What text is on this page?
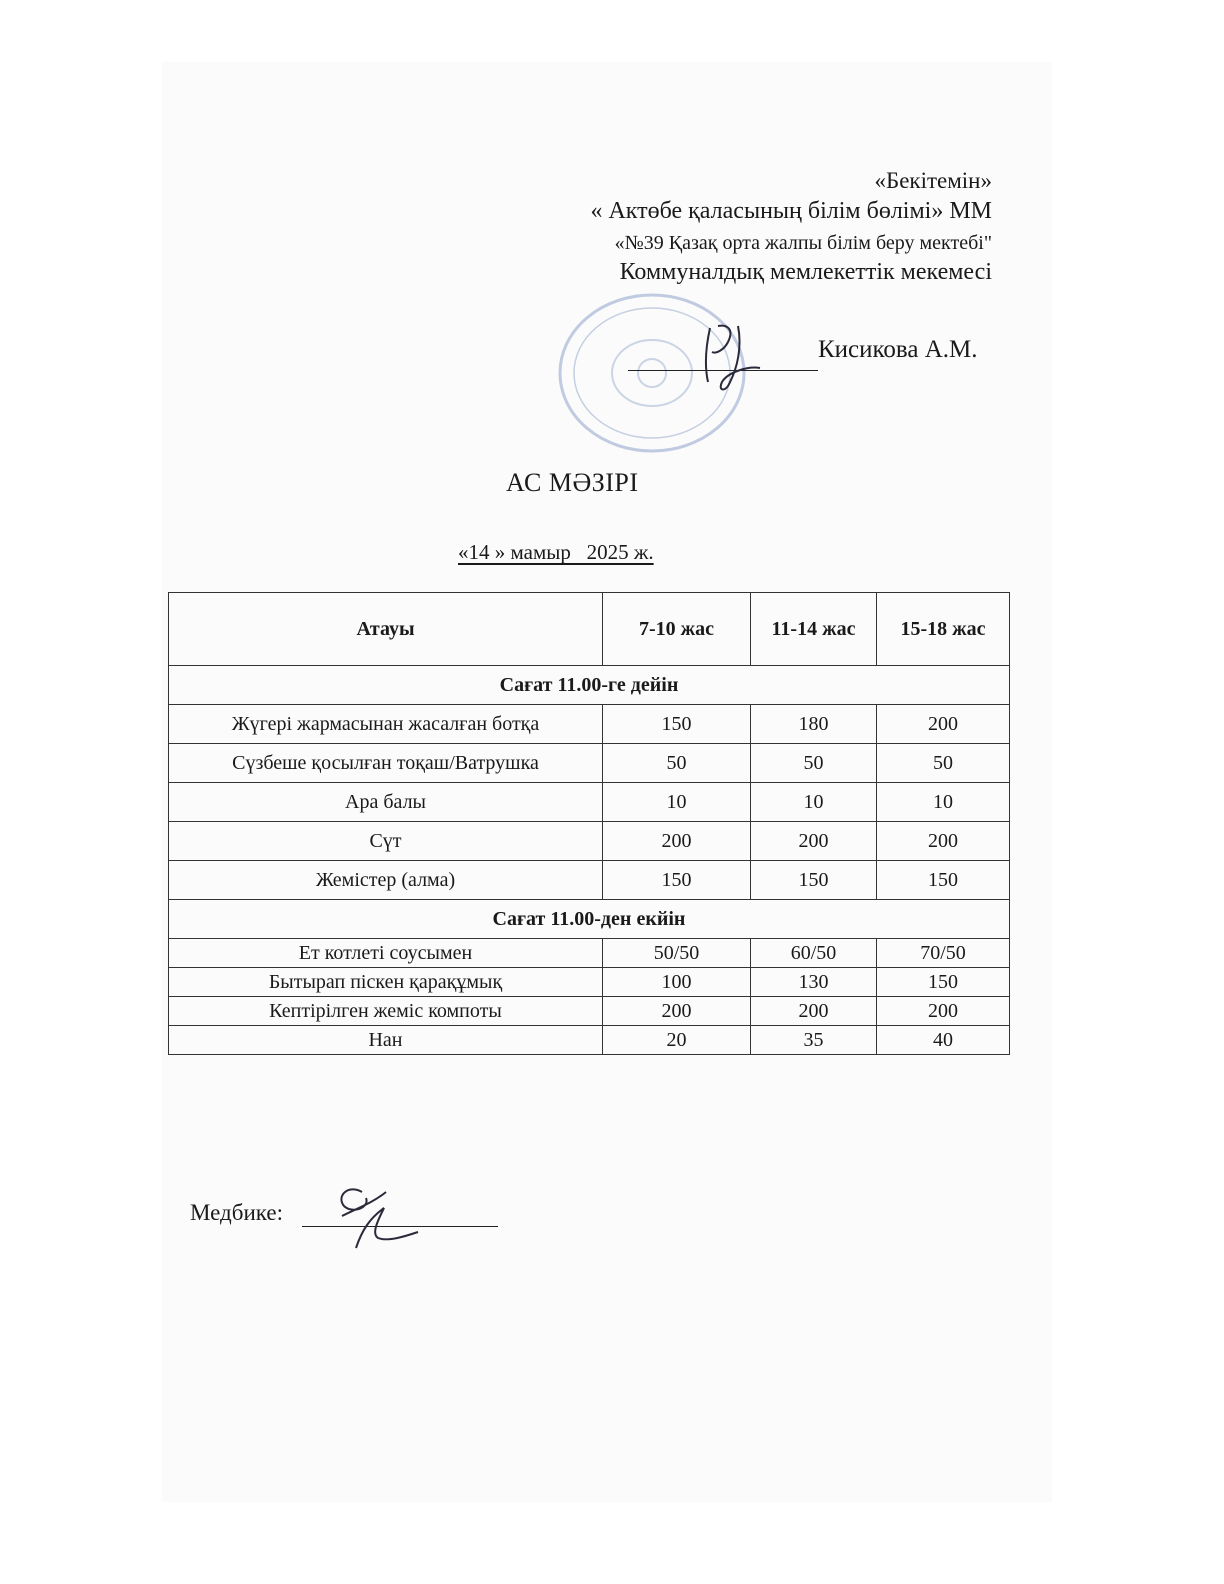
«Бекітемін»
« Актөбе қаласының білім бөлімі» ММ
«№39 Қазақ орта жалпы білім беру мектебі"
Коммуналдық мемлекеттік мекемесі
Кисикова А.М.
АС МӘЗІРІ
«14 » мамыр   2025 ж.
Атауы	7-10 жас	11-14 жас	15-18 жас
Сағат 11.00-ге дейін			
Жүгері жармасынан жасалған ботқа	150	180	200
Сүзбеше қосылған тоқаш/Ватрушка	50	50	50
Ара балы	10	10	10
Сүт	200	200	200
Жемістер (алма)	150	150	150
Сағат 11.00-ден екйін			
Ет котлеті соусымен	50/50	60/50	70/50
Бытырап піскен қарақұмық	100	130	150
Кептірілген жеміс компоты	200	200	200
Нан	20	35	40
Медбике:
